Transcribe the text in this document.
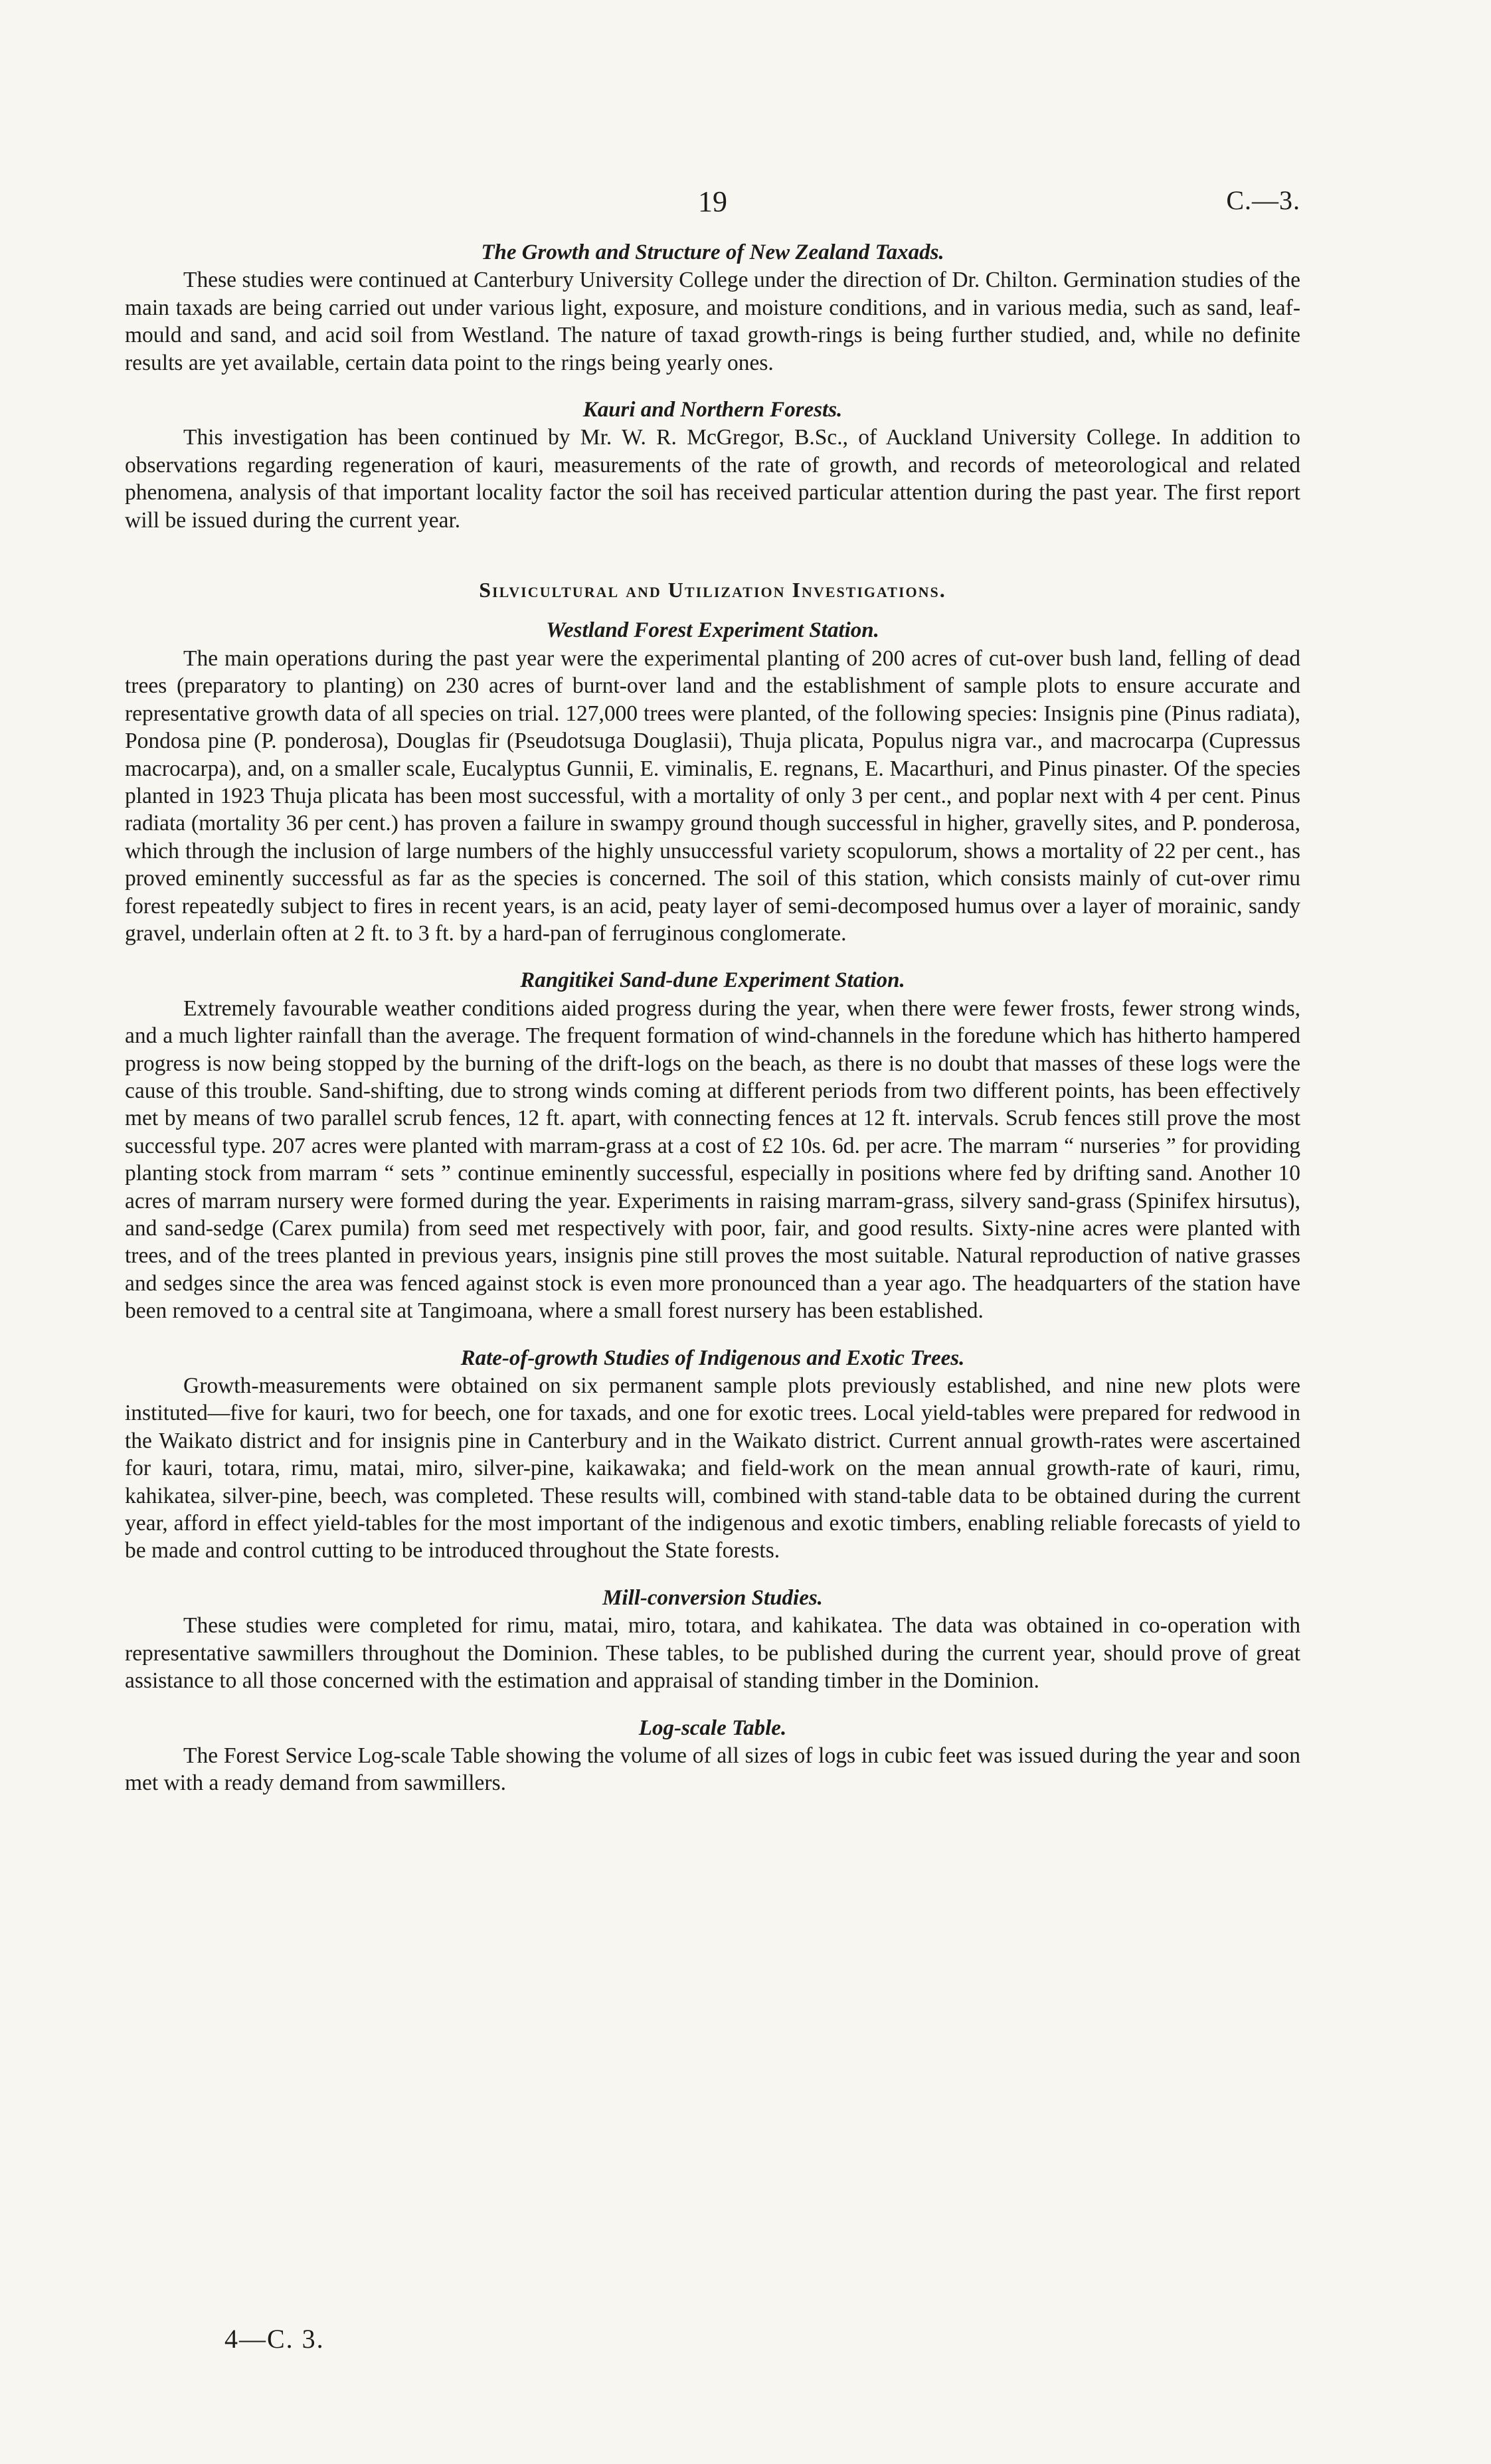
19	C.—3.
The Growth and Structure of New Zealand Taxads.

These studies were continued at Canterbury University College under the direction of Dr. Chilton. Germination studies of the main taxads are being carried out under various light, exposure, and moisture conditions, and in various media, such as sand, leaf-mould and sand, and acid soil from Westland. The nature of taxad growth-rings is being further studied, and, while no definite results are yet available, certain data point to the rings being yearly ones.

Kauri and Northern Forests.

This investigation has been continued by Mr. W. R. McGregor, B.Sc., of Auckland University College. In addition to observations regarding regeneration of kauri, measurements of the rate of growth, and records of meteorological and related phenomena, analysis of that important locality factor the soil has received particular attention during the past year. The first report will be issued during the current year.

Silvicultural and Utilization Investigations.
Westland Forest Experiment Station.

The main operations during the past year were the experimental planting of 200 acres of cut-over bush land, felling of dead trees (preparatory to planting) on 230 acres of burnt-over land and the establishment of sample plots to ensure accurate and representative growth data of all species on trial. 127,000 trees were planted, of the following species: Insignis pine (Pinus radiata), Pondosa pine (P. ponderosa), Douglas fir (Pseudotsuga Douglasii), Thuja plicata, Populus nigra var., and macrocarpa (Cupressus macrocarpa), and, on a smaller scale, Eucalyptus Gunnii, E. viminalis, E. regnans, E. Macarthuri, and Pinus pinaster. Of the species planted in 1923 Thuja plicata has been most successful, with a mortality of only 3 per cent., and poplar next with 4 per cent. Pinus radiata (mortality 36 per cent.) has proven a failure in swampy ground though successful in higher, gravelly sites, and P. ponderosa, which through the inclusion of large numbers of the highly unsuccessful variety scopulorum, shows a mortality of 22 per cent., has proved eminently successful as far as the species is concerned. The soil of this station, which consists mainly of cut-over rimu forest repeatedly subject to fires in recent years, is an acid, peaty layer of semi-decomposed humus over a layer of morainic, sandy gravel, underlain often at 2 ft. to 3 ft. by a hard-pan of ferruginous conglomerate.

Rangitikei Sand-dune Experiment Station.

Extremely favourable weather conditions aided progress during the year, when there were fewer frosts, fewer strong winds, and a much lighter rainfall than the average. The frequent formation of wind-channels in the foredune which has hitherto hampered progress is now being stopped by the burning of the drift-logs on the beach, as there is no doubt that masses of these logs were the cause of this trouble. Sand-shifting, due to strong winds coming at different periods from two different points, has been effectively met by means of two parallel scrub fences, 12 ft. apart, with connecting fences at 12 ft. intervals. Scrub fences still prove the most successful type. 207 acres were planted with marram-grass at a cost of £2 10s. 6d. per acre. The marram “ nurseries ” for providing planting stock from marram “ sets ” continue eminently successful, especially in positions where fed by drifting sand. Another 10 acres of marram nursery were formed during the year. Experiments in raising marram-grass, silvery sand-grass (Spinifex hirsutus), and sand-sedge (Carex pumila) from seed met respectively with poor, fair, and good results. Sixty-nine acres were planted with trees, and of the trees planted in previous years, insignis pine still proves the most suitable. Natural reproduction of native grasses and sedges since the area was fenced against stock is even more pronounced than a year ago. The headquarters of the station have been removed to a central site at Tangimoana, where a small forest nursery has been established.

Rate-of-growth Studies of Indigenous and Exotic Trees.

Growth-measurements were obtained on six permanent sample plots previously established, and nine new plots were instituted—five for kauri, two for beech, one for taxads, and one for exotic trees. Local yield-tables were prepared for redwood in the Waikato district and for insignis pine in Canterbury and in the Waikato district. Current annual growth-rates were ascertained for kauri, totara, rimu, matai, miro, silver-pine, kaikawaka; and field-work on the mean annual growth-rate of kauri, rimu, kahikatea, silver-pine, beech, was completed. These results will, combined with stand-table data to be obtained during the current year, afford in effect yield-tables for the most important of the indigenous and exotic timbers, enabling reliable forecasts of yield to be made and control cutting to be introduced throughout the State forests.

Mill-conversion Studies.

These studies were completed for rimu, matai, miro, totara, and kahikatea. The data was obtained in co-operation with representative sawmillers throughout the Dominion. These tables, to be published during the current year, should prove of great assistance to all those concerned with the estimation and appraisal of standing timber in the Dominion.

Log-scale Table.

The Forest Service Log-scale Table showing the volume of all sizes of logs in cubic feet was issued during the year and soon met with a ready demand from sawmillers.

4—C. 3.
